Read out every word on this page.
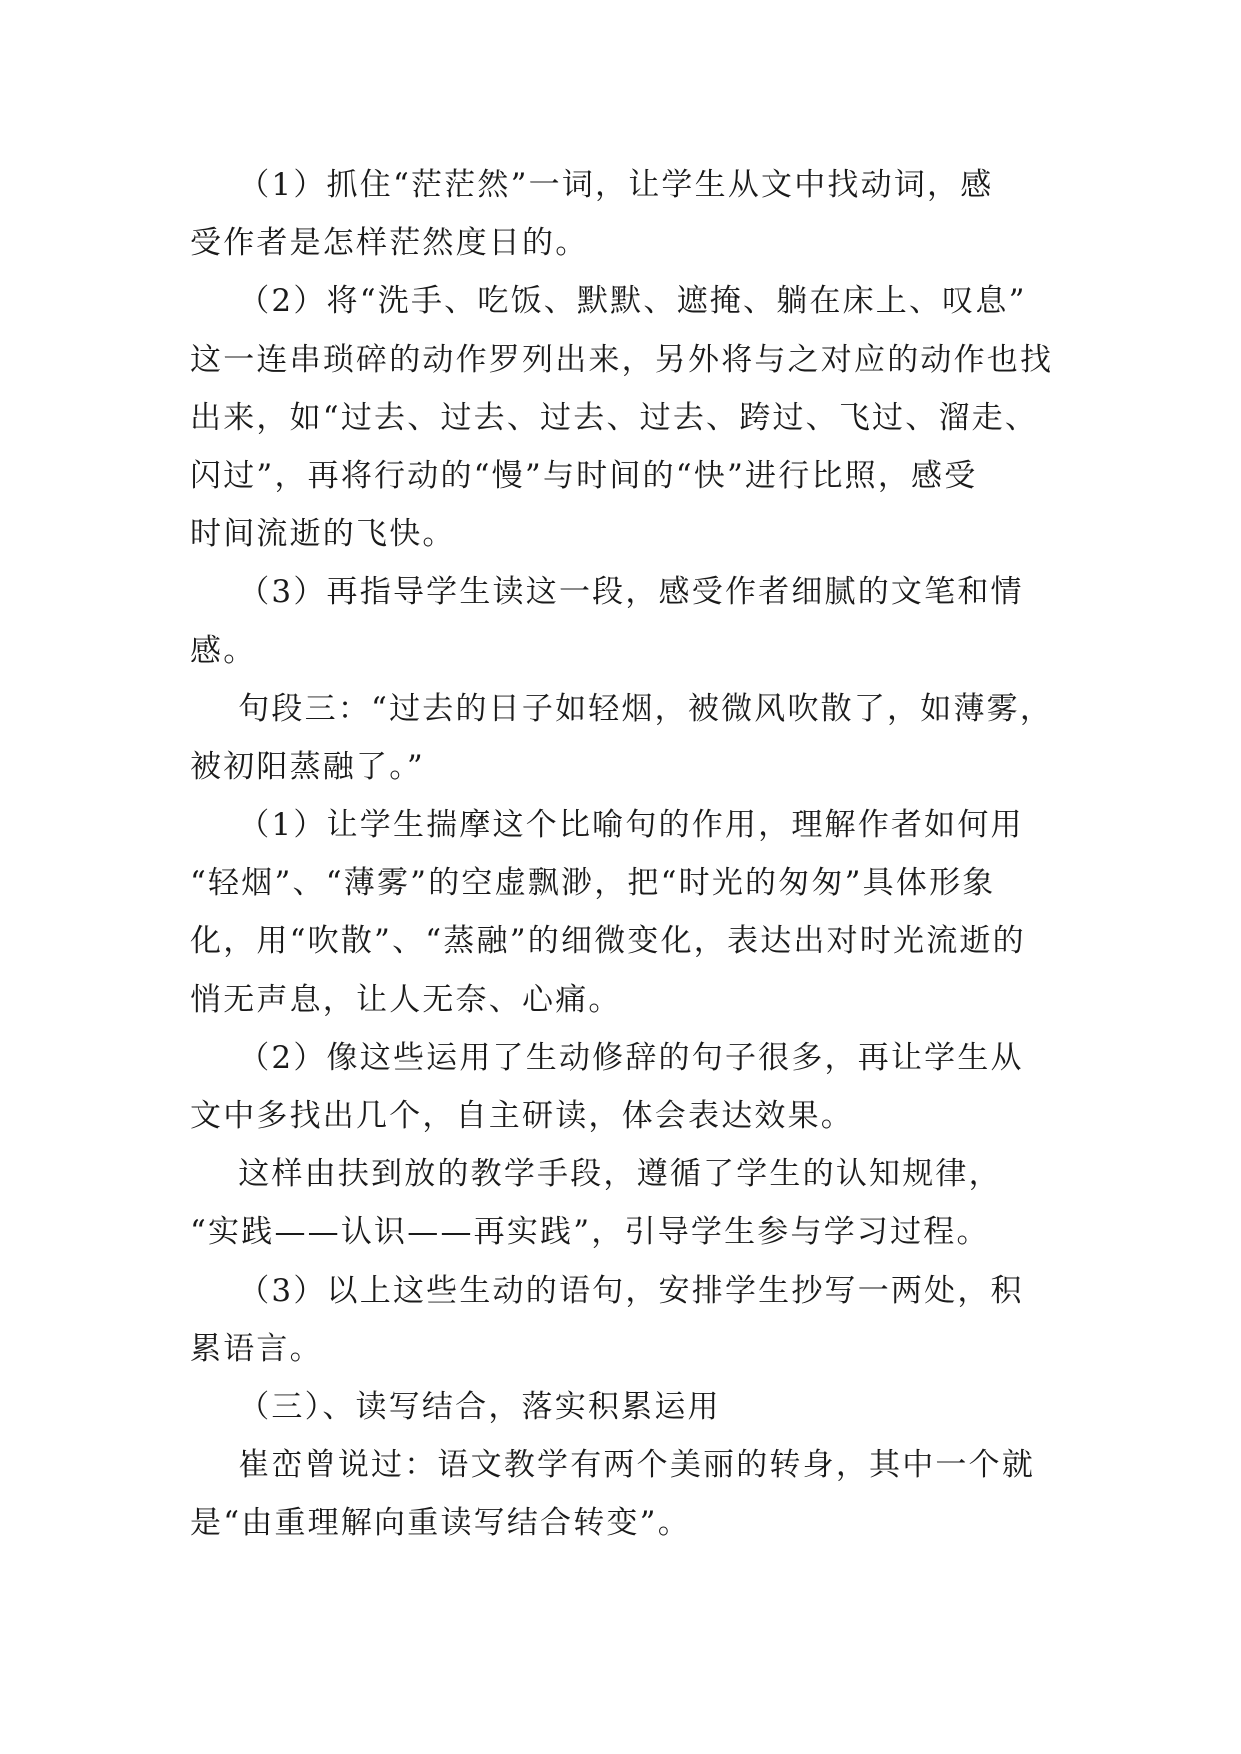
（1）抓住“茫茫然”一词，让学生从文中找动词，感
受作者是怎样茫然度日的。
（2）将“洗手、吃饭、默默、遮掩、躺在床上、叹息”
这一连串琐碎的动作罗列出来，另外将与之对应的动作也找
出来，如“过去、过去、过去、过去、跨过、飞过、溜走、
闪过”，再将行动的“慢”与时间的“快”进行比照，感受
时间流逝的飞快。
（3）再指导学生读这一段，感受作者细腻的文笔和情
感。
句段三：“过去的日子如轻烟，被微风吹散了，如薄雾，
被初阳蒸融了。”
（1）让学生揣摩这个比喻句的作用，理解作者如何用
“轻烟”、“薄雾”的空虚飘渺，把“时光的匆匆”具体形象
化，用“吹散”、“蒸融”的细微变化，表达出对时光流逝的
悄无声息，让人无奈、心痛。
（2）像这些运用了生动修辞的句子很多，再让学生从
文中多找出几个，自主研读，体会表达效果。
这样由扶到放的教学手段，遵循了学生的认知规律，
“实践——认识——再实践”，引导学生参与学习过程。
（3）以上这些生动的语句，安排学生抄写一两处，积
累语言。
（三）、读写结合，落实积累运用
崔峦曾说过：语文教学有两个美丽的转身，其中一个就
是“由重理解向重读写结合转变”。
